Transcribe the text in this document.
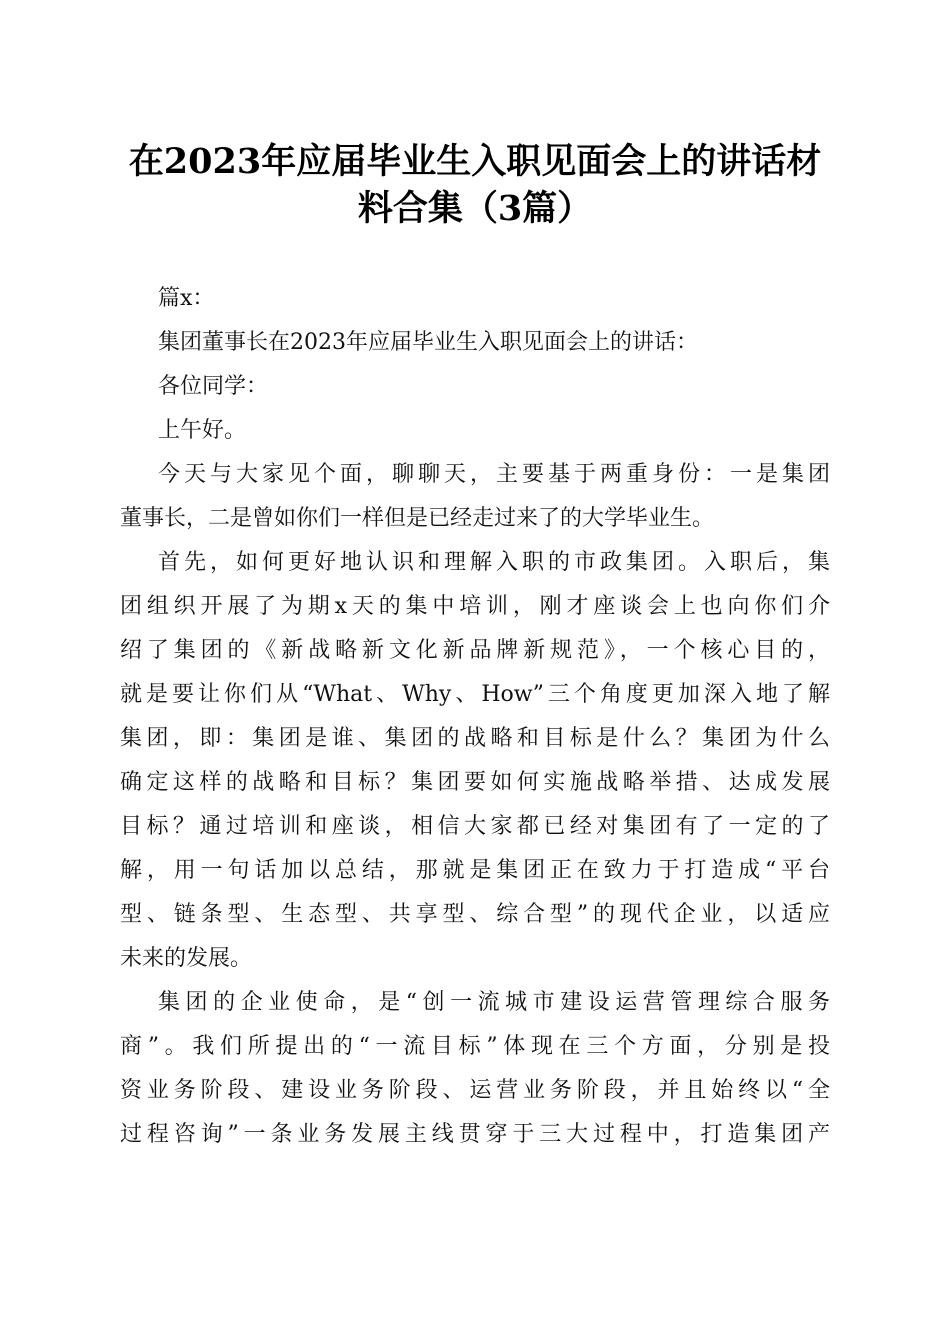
在2023年应届毕业生入职见面会上的讲话材
料合集（3篇）
篇x：
集团董事长在2023年应届毕业生入职见面会上的讲话：
各位同学：
上午好。
今天与大家见个面，聊聊天，主要基于两重身份：一是集团
董事长，二是曾如你们一样但是已经走过来了的大学毕业生。
首先，如何更好地认识和理解入职的市政集团。入职后，集
团组织开展了为期x天的集中培训，刚才座谈会上也向你们介
绍了集团的《新战略新文化新品牌新规范》，一个核心目的，
就是要让你们从“What、Why、How”三个角度更加深入地了解
集团，即：集团是谁、集团的战略和目标是什么？集团为什么
确定这样的战略和目标？集团要如何实施战略举措、达成发展
目标？通过培训和座谈，相信大家都已经对集团有了一定的了
解，用一句话加以总结，那就是集团正在致力于打造成“平台
型、链条型、生态型、共享型、综合型”的现代企业，以适应
未来的发展。
集团的企业使命，是“创一流城市建设运营管理综合服务
商”。我们所提出的“一流目标”体现在三个方面，分别是投
资业务阶段、建设业务阶段、运营业务阶段，并且始终以“全
过程咨询”一条业务发展主线贯穿于三大过程中，打造集团产
